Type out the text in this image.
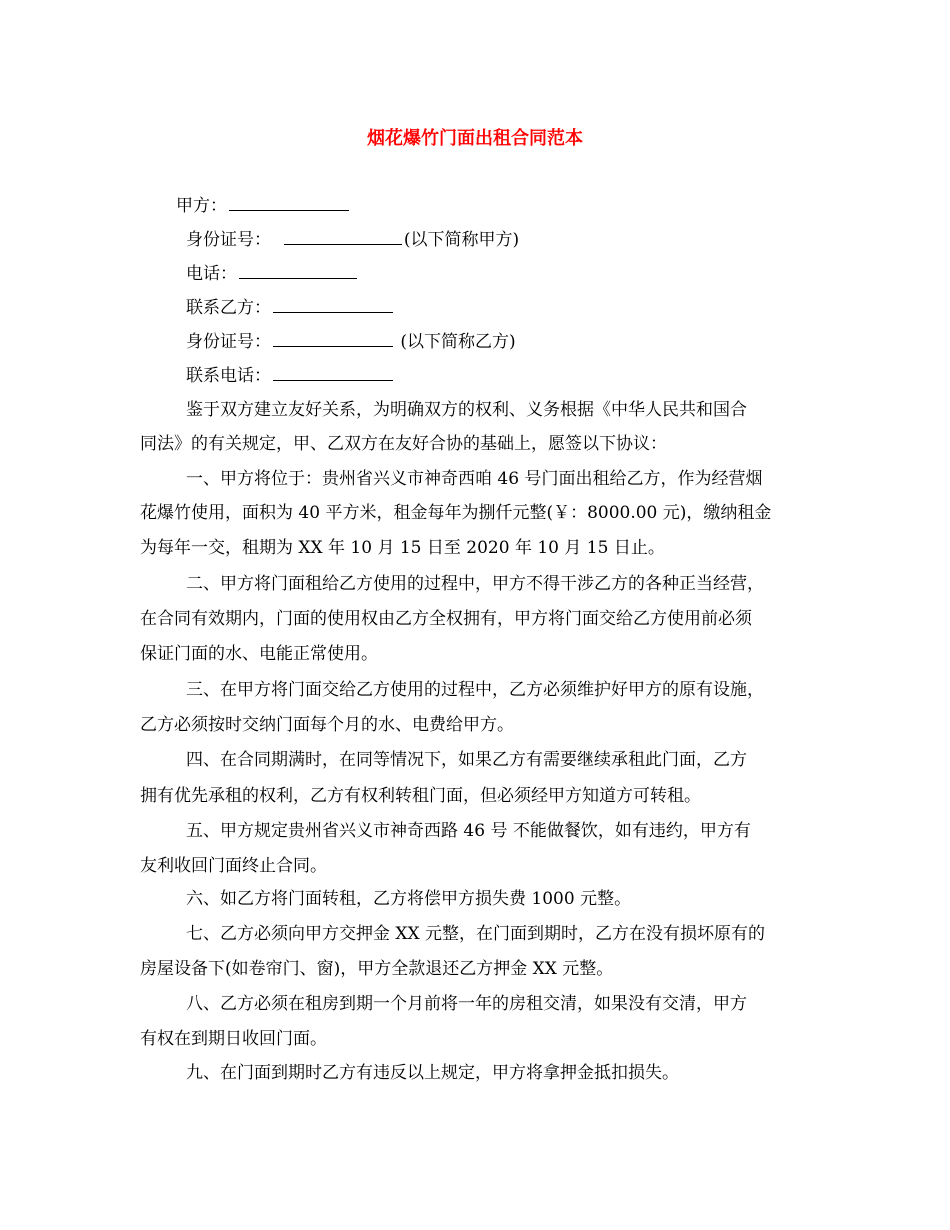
烟花爆竹门面出租合同范本
甲方：
身份证号：	(以下简称甲方)
电话：
联系乙方：
身份证号：	(以下简称乙方)
联系电话：
鉴于双方建立友好关系，为明确双方的权利、义务根据《中华人民共和国合
同法》的有关规定，甲、乙双方在友好合协的基础上，愿签以下协议：
一、甲方将位于：贵州省兴义市神奇西咱 46 号门面出租给乙方，作为经营烟
花爆竹使用，面积为 40 平方米，租金每年为捌仟元整(￥：8000.00 元)，缴纳租金
为每年一交，租期为 XX 年 10 月 15 日至 2020 年 10 月 15 日止。
二、甲方将门面租给乙方使用的过程中，甲方不得干涉乙方的各种正当经营，
在合同有效期内，门面的使用权由乙方全权拥有，甲方将门面交给乙方使用前必须
保证门面的水、电能正常使用。
三、在甲方将门面交给乙方使用的过程中，乙方必须维护好甲方的原有设施，
乙方必须按时交纳门面每个月的水、电费给甲方。
四、在合同期满时，在同等情况下，如果乙方有需要继续承租此门面，乙方
拥有优先承租的权利，乙方有权利转租门面，但必须经甲方知道方可转租。
五、甲方规定贵州省兴义市神奇西路 46 号 不能做餐饮，如有违约，甲方有
友利收回门面终止合同。
六、如乙方将门面转租，乙方将偿甲方损失费 1000 元整。
七、乙方必须向甲方交押金 XX 元整，在门面到期时，乙方在没有损坏原有的
房屋设备下(如卷帘门、窗)，甲方全款退还乙方押金 XX 元整。
八、乙方必须在租房到期一个月前将一年的房租交清，如果没有交清，甲方
有权在到期日收回门面。
九、在门面到期时乙方有违反以上规定，甲方将拿押金抵扣损失。
